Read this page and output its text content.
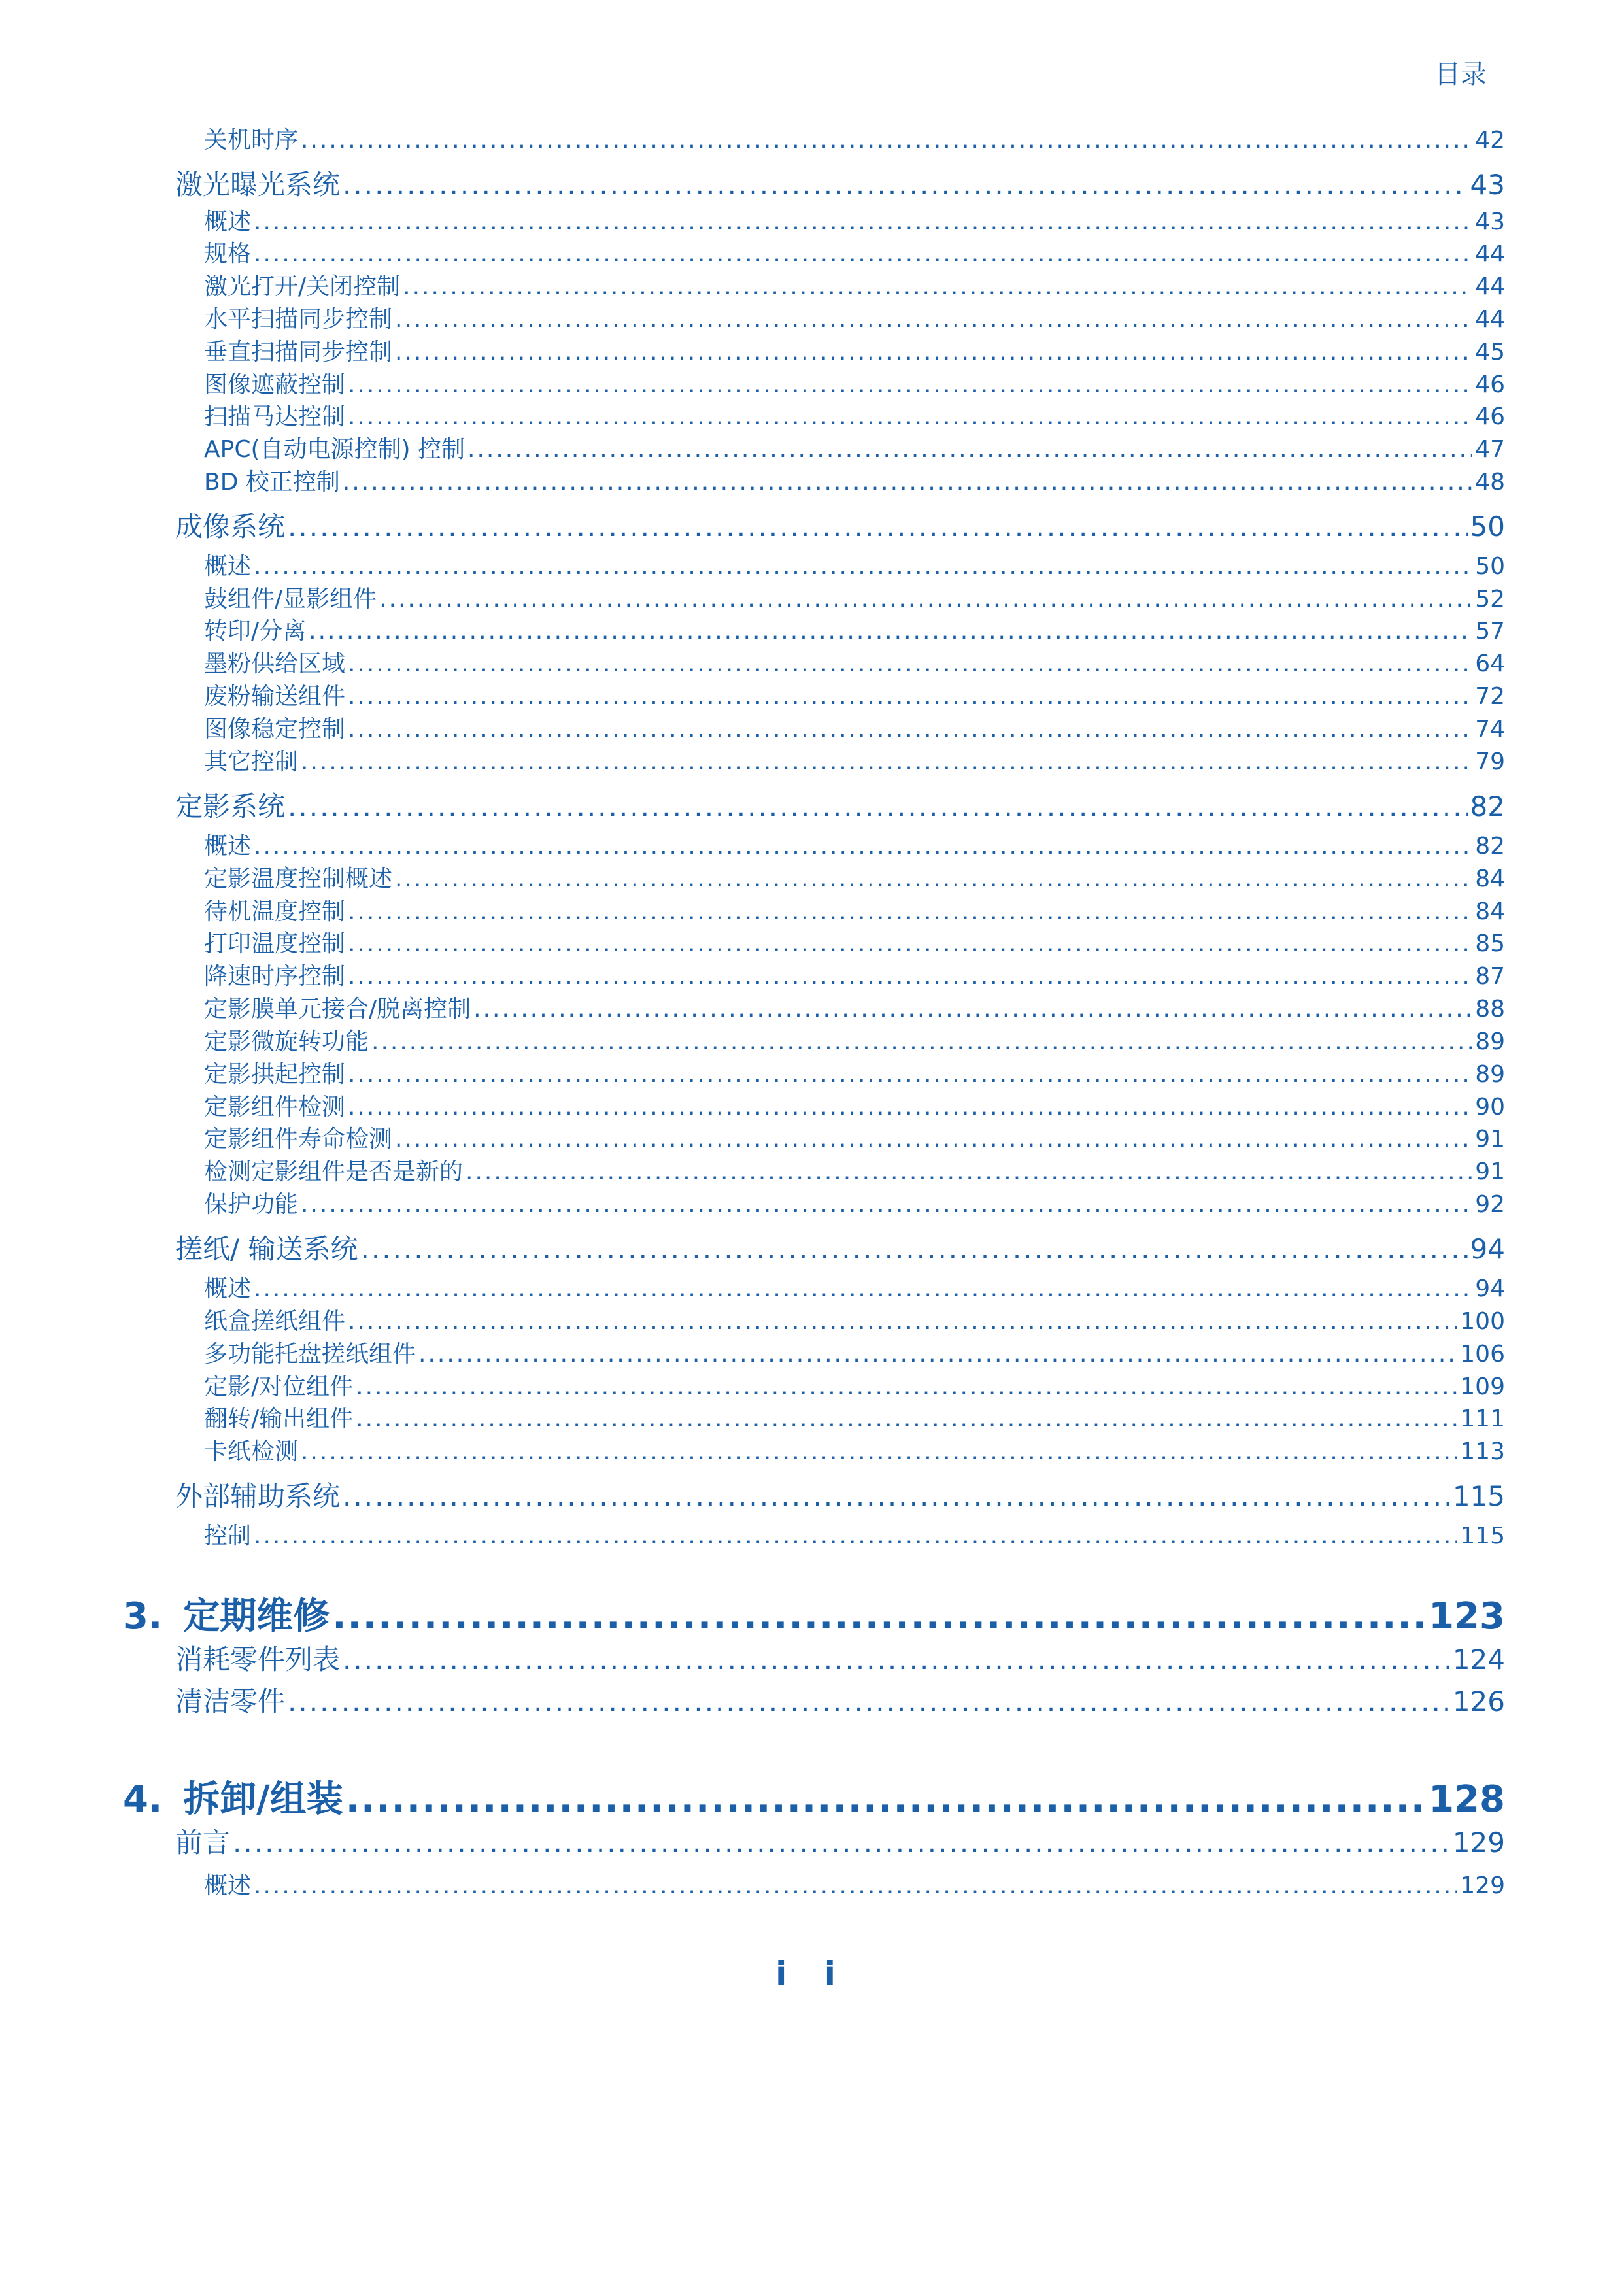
目录
关机时序 .....	42
激光曝光系统 .....	43
概述 .....	43
规格 .....	44
激光打开/关闭控制 .....	44
水平扫描同步控制 .....	44
垂直扫描同步控制 .....	45
图像遮蔽控制 .....	46
扫描马达控制 .....	46
APC(自动电源控制) 控制 .....	47
BD 校正控制 .....	48
成像系统 .....	50
概述 .....	50
鼓组件/显影组件 .....	52
转印/分离 .....	57
墨粉供给区域 .....	64
废粉输送组件 .....	72
图像稳定控制 .....	74
其它控制 .....	79
定影系统 .....	82
概述 .....	82
定影温度控制概述 .....	84
待机温度控制 .....	84
打印温度控制 .....	85
降速时序控制 .....	87
定影膜单元接合/脱离控制 .....	88
定影微旋转功能 .....	89
定影拱起控制 .....	89
定影组件检测 .....	90
定影组件寿命检测 .....	91
检测定影组件是否是新的 .....	91
保护功能 .....	92
搓纸/ 输送系统 .....	94
概述 .....	94
纸盒搓纸组件 .....	100
多功能托盘搓纸组件 .....	106
定影/对位组件 .....	109
翻转/输出组件 .....	111
卡纸检测 .....	113
外部辅助系统 .....	115
控制 .....	115
3. 定期维修 .....	123
消耗零件列表 .....	124
清洁零件 .....	126
4. 拆卸/组装 .....	128
前言 .....	129
概述 .....	129
i i
